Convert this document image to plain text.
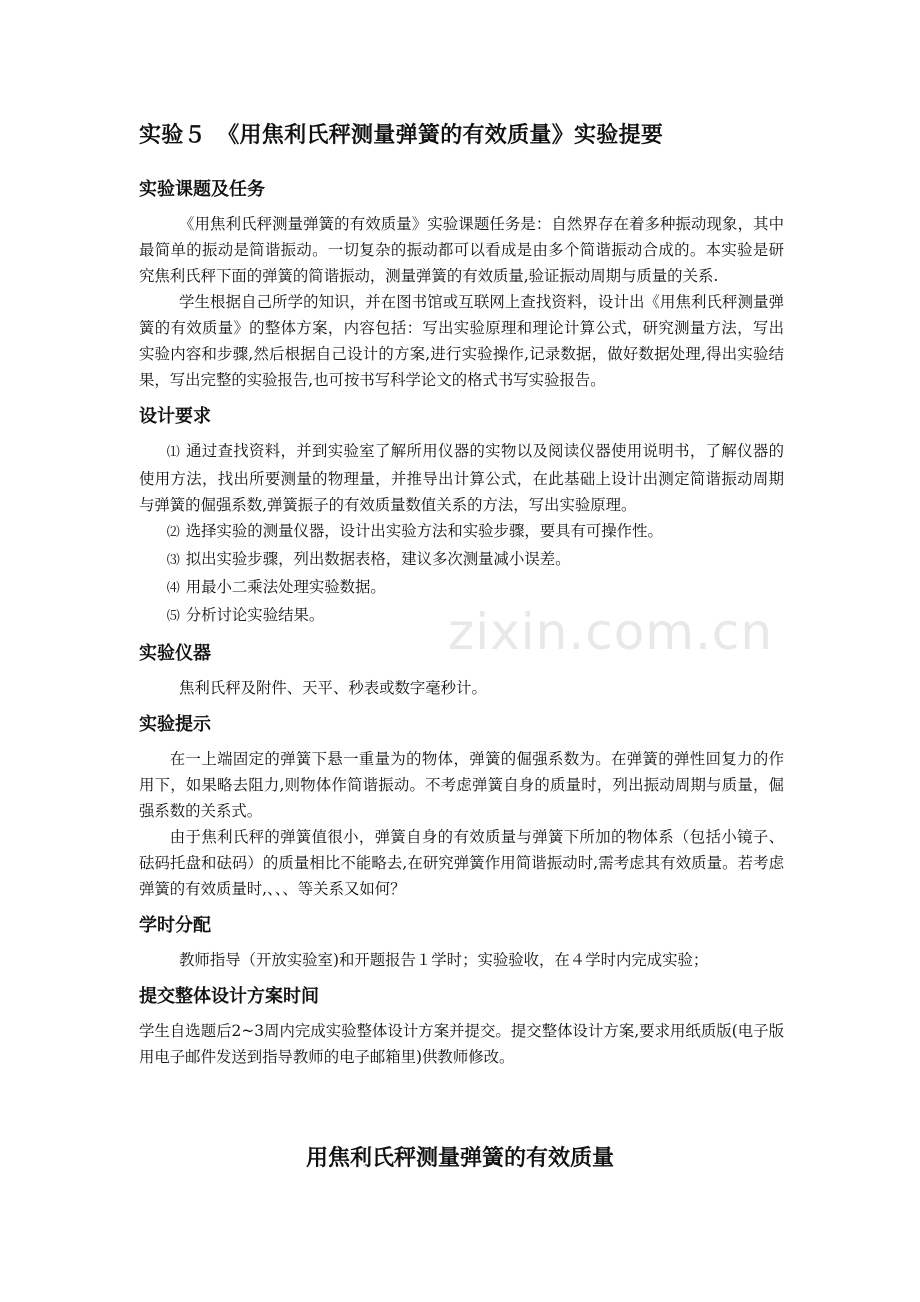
实验５　《用焦利氏秤测量弹簧的有效质量》实验提要
实验课题及任务

《用焦利氏秤测量弹簧的有效质量》实验课题任务是：自然界存在着多种振动现象，其中最简单的振动是简谐振动。一切复杂的振动都可以看成是由多个简谐振动合成的。本实验是研究焦利氏秤下面的弹簧的简谐振动，测量弹簧的有效质量,验证振动周期与质量的关系.

学生根据自己所学的知识，并在图书馆或互联网上查找资料，设计出《用焦利氏秤测量弹簧的有效质量》的整体方案，内容包括：写出实验原理和理论计算公式，研究测量方法，写出实验内容和步骤,然后根据自己设计的方案,进行实验操作,记录数据，做好数据处理,得出实验结果，写出完整的实验报告,也可按书写科学论文的格式书写实验报告。

设计要求
⑴ 通过查找资料，并到实验室了解所用仪器的实物以及阅读仪器使用说明书，了解仪器的使用方法，找出所要测量的物理量，并推导出计算公式，在此基础上设计出测定简谐振动周期与弹簧的倔强系数,弹簧振子的有效质量数值关系的方法，写出实验原理。
⑵ 选择实验的测量仪器，设计出实验方法和实验步骤，要具有可操作性。
⑶ 拟出实验步骤，列出数据表格，建议多次测量减小误差。
⑷ 用最小二乘法处理实验数据。
⑸ 分析讨论实验结果。
实验仪器

焦利氏秤及附件、天平、秒表或数字毫秒计。

实验提示

在一上端固定的弹簧下悬一重量为的物体，弹簧的倔强系数为。在弹簧的弹性回复力的作用下，如果略去阻力,则物体作简谐振动。不考虑弹簧自身的质量时，列出振动周期与质量，倔强系数的关系式。

由于焦利氏秤的弹簧值很小，弹簧自身的有效质量与弹簧下所加的物体系（包括小镜子、砝码托盘和砝码）的质量相比不能略去,在研究弹簧作用简谐振动时,需考虑其有效质量。若考虑弹簧的有效质量时,、、、等关系又如何？

学时分配

教师指导（开放实验室)和开题报告１学时；实验验收，在４学时内完成实验；

提交整体设计方案时间

学生自选题后2~3周内完成实验整体设计方案并提交。提交整体设计方案,要求用纸质版(电子版用电子邮件发送到指导教师的电子邮箱里)供教师修改。

用焦利氏秤测量弹簧的有效质量
zixin.com.cn
